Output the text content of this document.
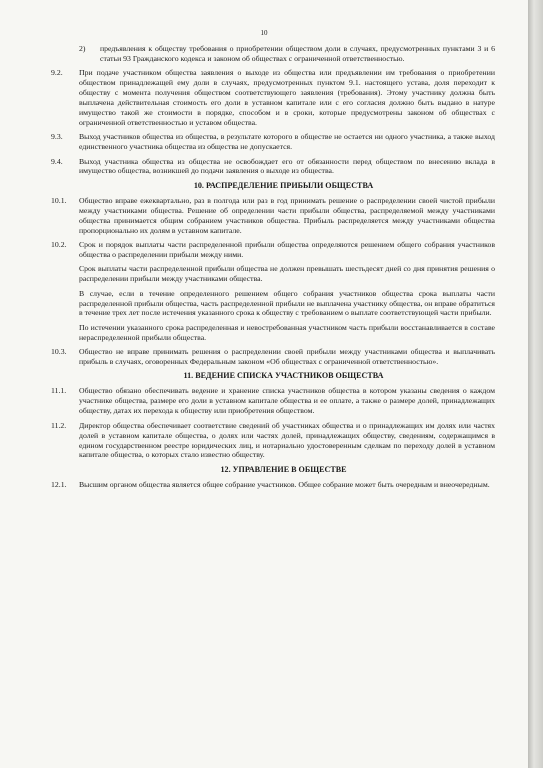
10
2) предъявления к обществу требования о приобретении обществом доли в случаях, предусмотренных пунктами 3 и 6 статьи 93 Гражданского кодекса и законом об обществах с ограниченной ответственностью.

9.2. При подаче участником общества заявления о выходе из общества или предъявлении им требования о приобретении обществом принадлежащей ему доли в случаях, предусмотренных пунктом 9.1. настоящего устава, доля переходит к обществу с момента получения обществом соответствующего заявления (требования). Этому участнику должна быть выплачена действительная стоимость его доли в уставном капитале или с его согласия должно быть выдано в натуре имущество такой же стоимости в порядке, способом и в сроки, которые предусмотрены законом об обществах с ограниченной ответственностью и уставом общества.

9.3. Выход участников общества из общества, в результате которого в обществе не остается ни одного участника, а также выход единственного участника общества из общества не допускается.

9.4. Выход участника общества из общества не освобождает его от обязанности перед обществом по внесению вклада в имущество общества, возникшей до подачи заявления о выходе из общества.

10. РАСПРЕДЕЛЕНИЕ ПРИБЫЛИ ОБЩЕСТВА
10.1. Общество вправе ежеквартально, раз в полгода или раз в год принимать решение о распределении своей чистой прибыли между участниками общества. Решение об определении части прибыли общества, распределяемой между участниками общества принимается общим собранием участников общества. Прибыль распределяется между участниками общества пропорционально их долям в уставном капитале.

10.2. Срок и порядок выплаты части распределенной прибыли общества определяются решением общего собрания участников общества о распределении прибыли между ними.

Срок выплаты части распределенной прибыли общества не должен превышать шестьдесят дней со дня принятия решения о распределении прибыли между участниками общества.

В случае, если в течение определенного решением общего собрания участников общества срока выплаты части распределенной прибыли общества, часть распределенной прибыли не выплачена участнику общества, он вправе обратиться в течение трех лет после истечения указанного срока к обществу с требованием о выплате соответствующей части прибыли.

По истечении указанного срока распределенная и невостребованная участником часть прибыли восстанавливается в составе нераспределенной прибыли общества.

10.3. Общество не вправе принимать решения о распределении своей прибыли между участниками общества и выплачивать прибыль в случаях, оговоренных Федеральным законом «Об обществах с ограниченной ответственностью».

11. ВЕДЕНИЕ СПИСКА УЧАСТНИКОВ ОБЩЕСТВА
11.1. Общество обязано обеспечивать ведение и хранение списка участников общества в котором указаны сведения о каждом участнике общества, размере его доли в уставном капитале общества и ее оплате, а также о размере долей, принадлежащих обществу, датах их перехода к обществу или приобретения обществом.

11.2. Директор общества обеспечивает соответствие сведений об участниках общества и о принадлежащих им долях или частях долей в уставном капитале общества, о долях или частях долей, принадлежащих обществу, сведениям, содержащимся в едином государственном реестре юридических лиц, и нотариально удостоверенным сделкам по переходу долей в уставном капитале общества, о которых стало известно обществу.

12. УПРАВЛЕНИЕ В ОБЩЕСТВЕ
12.1. Высшим органом общества является общее собрание участников. Общее собрание может быть очередным и внеочередным.
